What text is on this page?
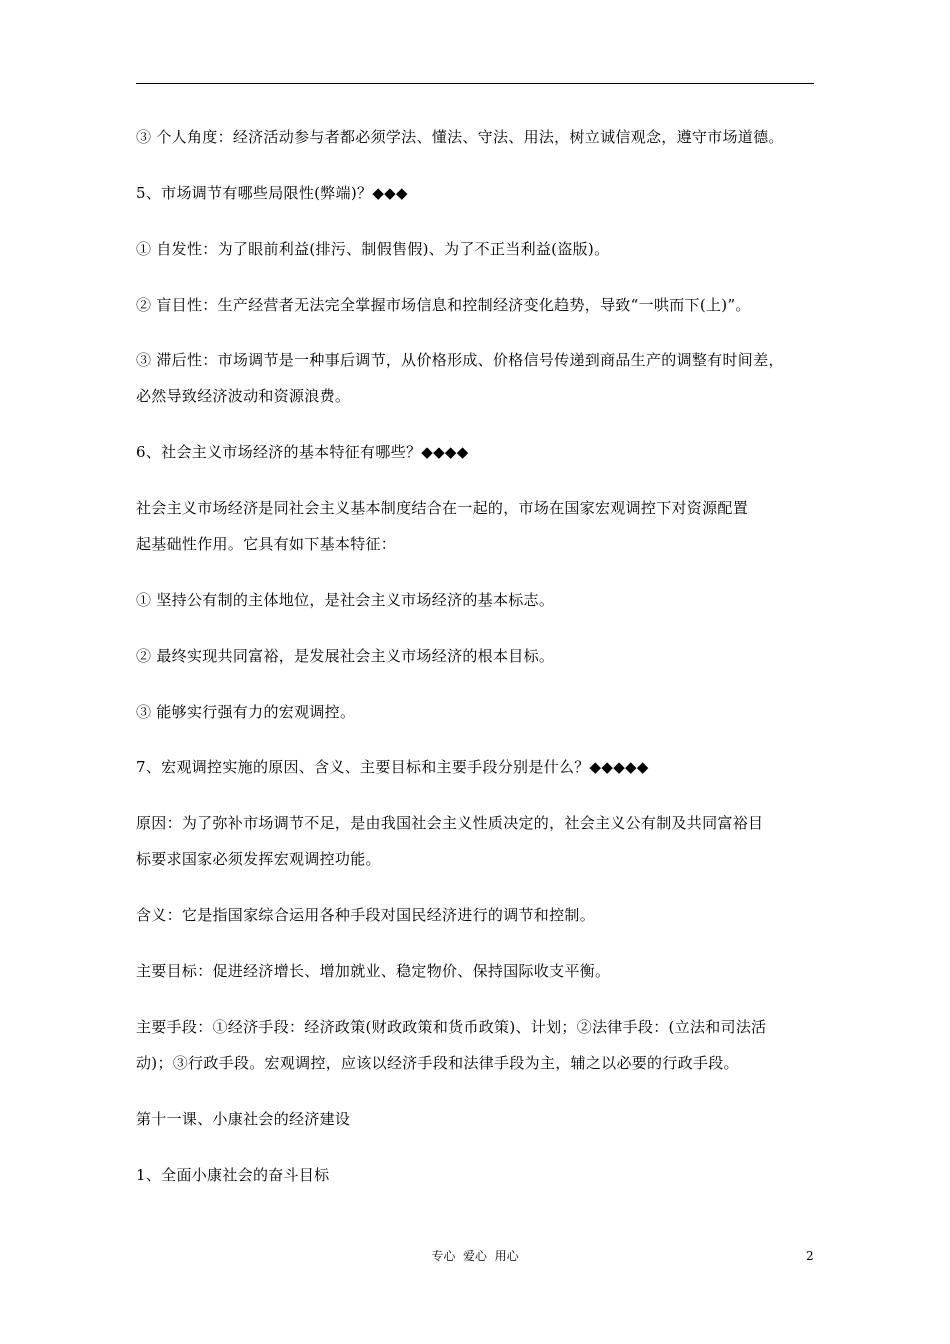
③ 个人角度：经济活动参与者都必须学法、懂法、守法、用法，树立诚信观念，遵守市场道德。
5、市场调节有哪些局限性(弊端)？◆◆◆
① 自发性：为了眼前利益(排污、制假售假)、为了不正当利益(盗版)。
② 盲目性：生产经营者无法完全掌握市场信息和控制经济变化趋势，导致“一哄而下(上)”。
③ 滞后性：市场调节是一种事后调节，从价格形成、价格信号传递到商品生产的调整有时间差，
必然导致经济波动和资源浪费。
6、社会主义市场经济的基本特征有哪些？◆◆◆◆
社会主义市场经济是同社会主义基本制度结合在一起的，市场在国家宏观调控下对资源配置
起基础性作用。它具有如下基本特征：
① 坚持公有制的主体地位，是社会主义市场经济的基本标志。
② 最终实现共同富裕，是发展社会主义市场经济的根本目标。
③ 能够实行强有力的宏观调控。
7、宏观调控实施的原因、含义、主要目标和主要手段分别是什么？◆◆◆◆◆
原因：为了弥补市场调节不足，是由我国社会主义性质决定的，社会主义公有制及共同富裕目
标要求国家必须发挥宏观调控功能。
含义：它是指国家综合运用各种手段对国民经济进行的调节和控制。
主要目标：促进经济增长、增加就业、稳定物价、保持国际收支平衡。
主要手段：①经济手段：经济政策(财政政策和货币政策)、计划；②法律手段：(立法和司法活
动)；③行政手段。宏观调控，应该以经济手段和法律手段为主，辅之以必要的行政手段。
第十一课、小康社会的经济建设
1、全面小康社会的奋斗目标
专心  爱心  用心	2
